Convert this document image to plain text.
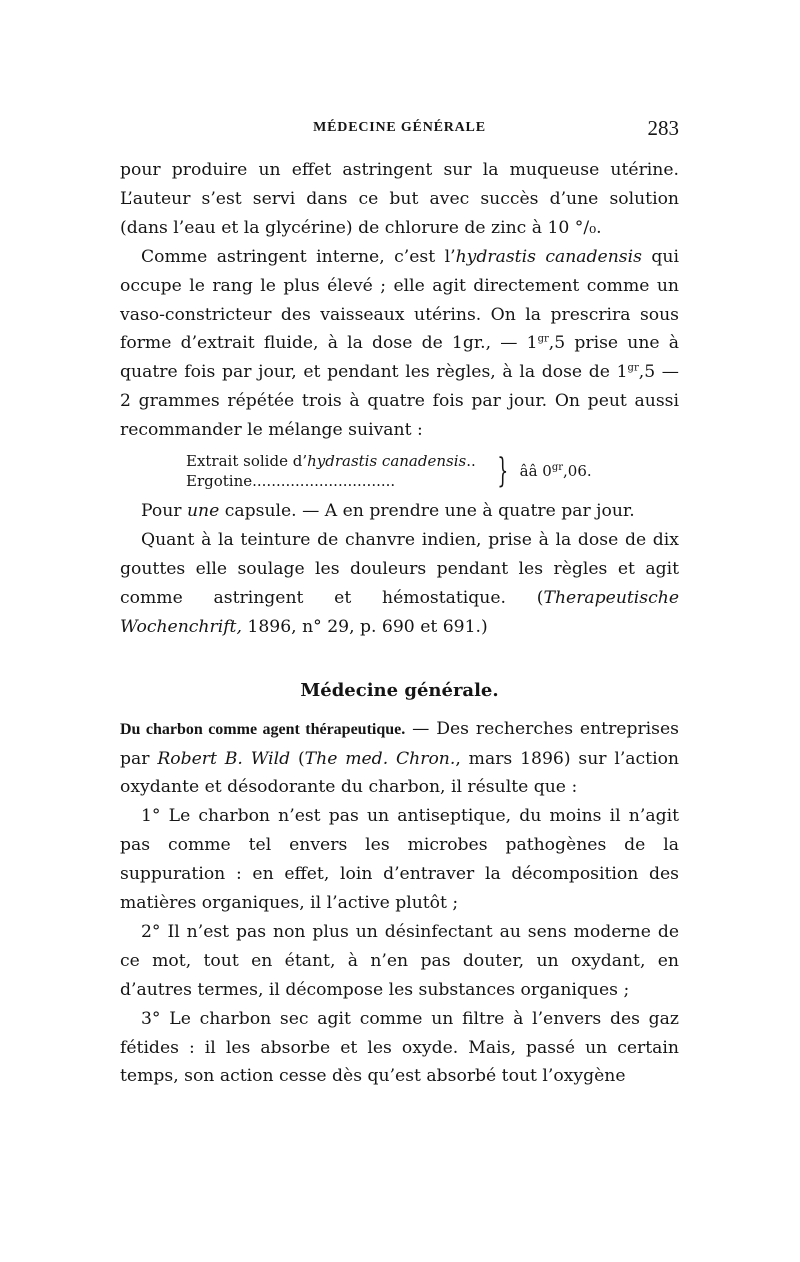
MÉDECINE GÉNÉRALE	283

pour produire un effet astringent sur la muqueuse utérine. L’auteur s’est servi dans ce but avec succès d’une solution (dans l’eau et la glycérine) de chlorure de zinc à 10 °/₀.

Comme astringent interne, c’est l’hydrastis canadensis qui occupe le rang le plus élevé ; elle agit directement comme un vaso-constricteur des vaisseaux utérins. On la prescrira sous forme d’extrait fluide, à la dose de 1gr., — $1^{gr},5$ prise une à quatre fois par jour, et pendant les règles, à la dose de $1^{gr},5$ — 2 grammes répétée trois à quatre fois par jour. On peut aussi recommander le mélange suivant :

Extrait solide d’hydrastis canadensis..
Ergotine..............................	} ââ $0^{gr},06$.

Pour une capsule. — A en prendre une à quatre par jour.

Quant à la teinture de chanvre indien, prise à la dose de dix gouttes elle soulage les douleurs pendant les règles et agit comme astringent et hémostatique. (Therapeutische Wochenchrift, 1896, n° 29, p. 690 et 691.)

Médecine générale.

Du charbon comme agent thérapeutique. — Des recherches entreprises par Robert B. Wild (The med. Chron., mars 1896) sur l’action oxydante et désodorante du charbon, il résulte que :

1° Le charbon n’est pas un antiseptique, du moins il n’agit pas comme tel envers les microbes pathogènes de la suppuration : en effet, loin d’entraver la décomposition des matières organiques, il l’active plutôt ;

2° Il n’est pas non plus un désinfectant au sens moderne de ce mot, tout en étant, à n’en pas douter, un oxydant, en d’autres termes, il décompose les substances organiques ;

3° Le charbon sec agit comme un filtre à l’envers des gaz fétides : il les absorbe et les oxyde. Mais, passé un certain temps, son action cesse dès qu’est absorbé tout l’oxygène
